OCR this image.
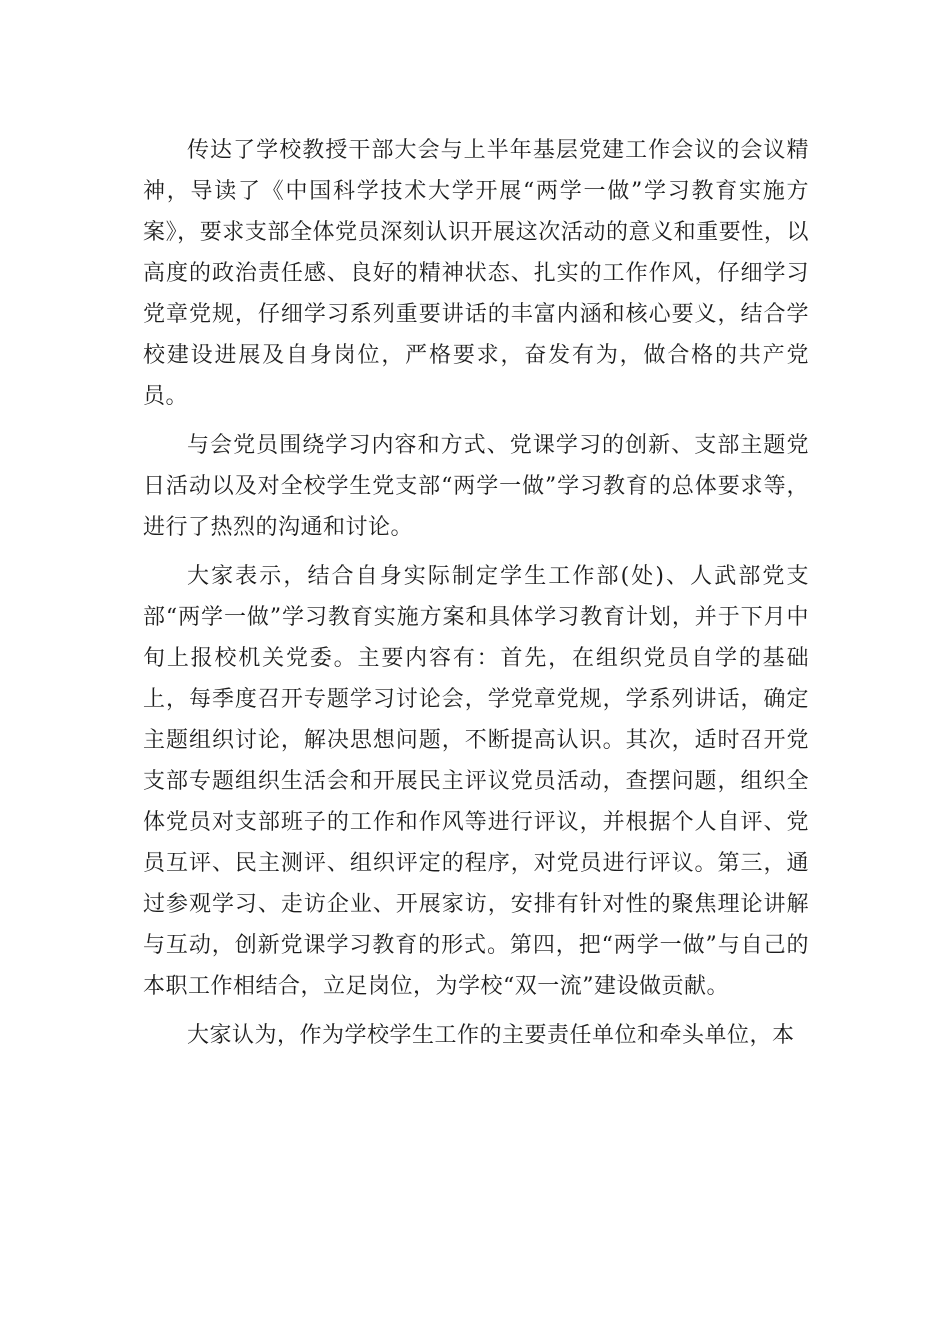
传达了学校教授干部大会与上半年基层党建工作会议的会议精神，导读了《中国科学技术大学开展“两学一做”学习教育实施方案》，要求支部全体党员深刻认识开展这次活动的意义和重要性，以高度的政治责任感、良好的精神状态、扎实的工作作风，仔细学习党章党规，仔细学习系列重要讲话的丰富内涵和核心要义，结合学校建设进展及自身岗位，严格要求，奋发有为，做合格的共产党员。

与会党员围绕学习内容和方式、党课学习的创新、支部主题党日活动以及对全校学生党支部“两学一做”学习教育的总体要求等，进行了热烈的沟通和讨论。

大家表示，结合自身实际制定学生工作部(处)、人武部党支部“两学一做”学习教育实施方案和具体学习教育计划，并于下月中旬上报校机关党委。主要内容有：首先，在组织党员自学的基础上，每季度召开专题学习讨论会，学党章党规，学系列讲话，确定主题组织讨论，解决思想问题，不断提高认识。其次，适时召开党支部专题组织生活会和开展民主评议党员活动，查摆问题，组织全体党员对支部班子的工作和作风等进行评议，并根据个人自评、党员互评、民主测评、组织评定的程序，对党员进行评议。第三，通过参观学习、走访企业、开展家访，安排有针对性的聚焦理论讲解与互动，创新党课学习教育的形式。第四，把“两学一做”与自己的本职工作相结合，立足岗位，为学校“双一流”建设做贡献。

大家认为，作为学校学生工作的主要责任单位和牵头单位，本
